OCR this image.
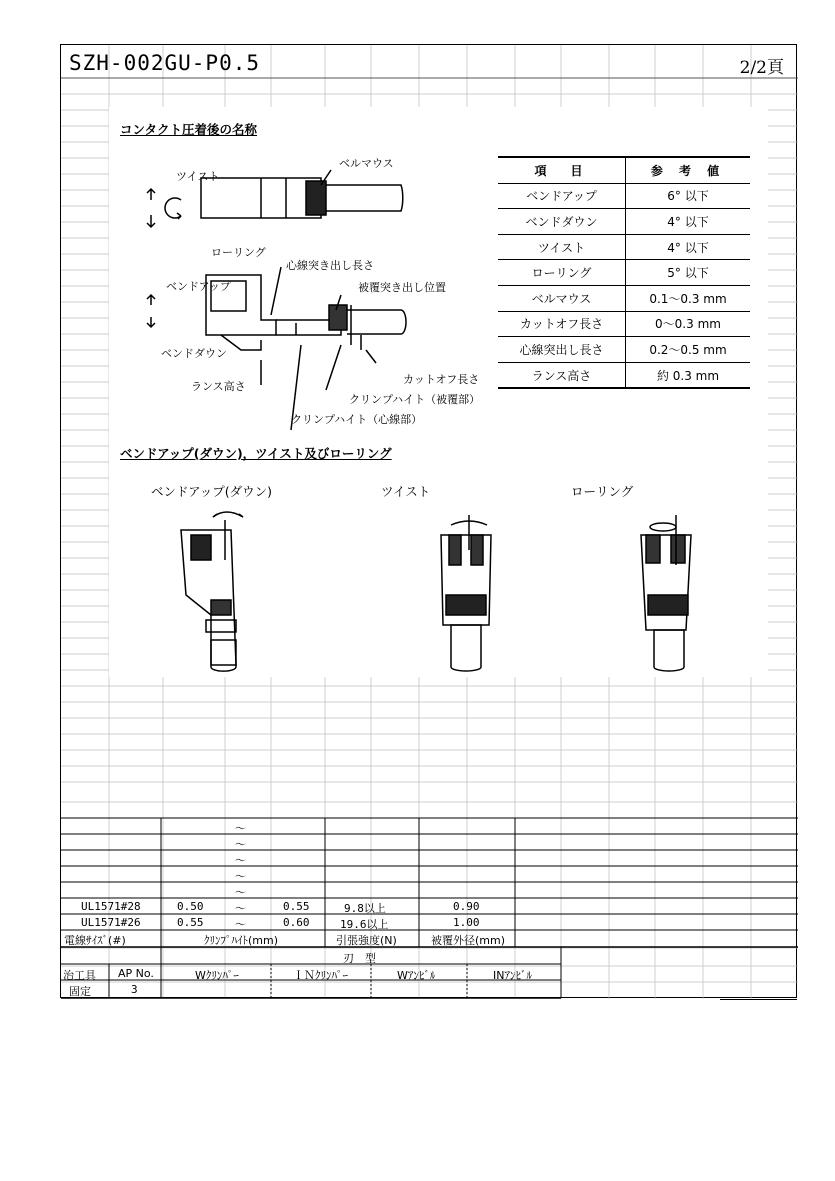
SZH-002GU-P0.5	2/2頁
コンタクト圧着後の名称
ツイスト
ベルマウス
ローリング
心線突き出し長さ
ベンドアップ	被覆突き出し位置
ベンドダウン
カットオフ長さ
ランス高さ
クリンプハイト（被覆部）
クリンプハイト（心線部）
項　目	参 考 値
ベンドアップ	6° 以下
ベンドダウン	4° 以下
ツイスト	4° 以下
ローリング	5° 以下
ベルマウス	0.1～0.3 mm
カットオフ長さ	0～0.3 mm
心線突出し長さ	0.2～0.5 mm
ランス高さ	約 0.3 mm
ベンドアップ(ダウン)，ツイスト及びローリング
ベンドアップ(ダウン)	ツイスト	ローリング
～
～
～
～
～
UL1571#28	0.50	～	0.55	9.8以上	0.90
UL1571#26	0.55	～	0.60	19.6以上	1.00
電線ｻｲｽﾞ(#)	ｸﾘﾝﾌﾟﾊｲﾄ(mm)	引張強度(N)	被覆外径(mm)
刃　型
治工具 AP No.	Wｸﾘﾝﾊﾟｰ	ＩＮｸﾘﾝﾊﾟｰ	Wｱﾝﾋﾞﾙ	INｱﾝﾋﾞﾙ
固定	3
